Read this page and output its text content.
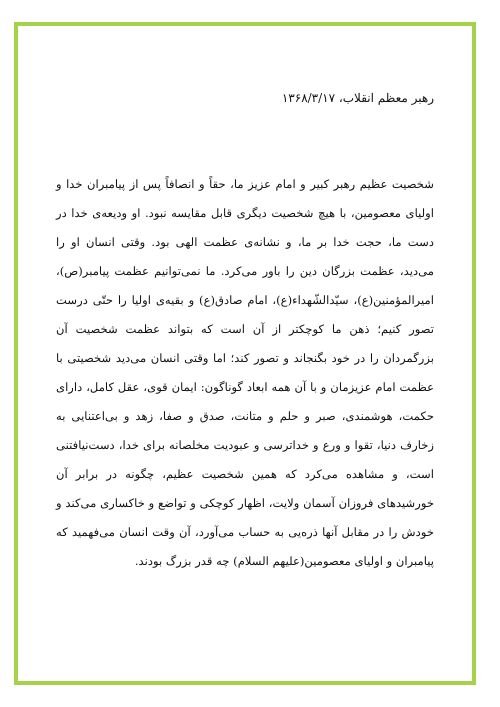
رهبر معظم انقلاب، ۱۳۶۸/۳/۱۷

شخصیت عظیم رهبر کبیر و امام عزیز ما، حقاً و انصافاً پس از پیامبران خدا و اولیای معصومین، با هیچ شخصیت دیگری قابل مقایسه نبود. او ودیعه‌ی خدا در دست ما، حجت خدا بر ما، و نشانه‌ی عظمت الهی بود. وقتی انسان او را می‌دید، عظمت بزرگان دین را باور می‌کرد. ما نمی‌توانیم عظمت پیامبر(ص)، امیرالمؤمنین(ع)، سیّدالشّهداء(ع)، امام صادق(ع) و بقیه‌ی اولیا را حتّی درست تصور کنیم؛ ذهن ما کوچکتر از آن است که بتواند عظمت شخصیت آن بزرگمردان را در خود بگنجاند و تصور کند؛ اما وقتی انسان می‌دید شخصیتی با عظمت امام عزیزمان و با آن همه ابعاد گوناگون: ایمان قوی، عقل کامل، دارای حکمت، هوشمندی، صبر و حلم و متانت، صدق و صفا، زهد و بی‌اعتنایی به زخارف دنیا، تقوا و ورع و خداترسی و عبودیت مخلصانه برای خدا، دست‌نیافتنی است، و مشاهده می‌کرد که همین شخصیت عظیم، چگونه در برابر آن خورشیدهای فروزان آسمان ولایت، اظهار کوچکی و تواضع و خاکساری می‌کند و خودش را در مقابل آنها ذره‌یی به حساب می‌آورد، آن وقت انسان می‌فهمید که پیامبران و اولیای معصومین(علیهم السلام) چه قدر بزرگ بودند.
